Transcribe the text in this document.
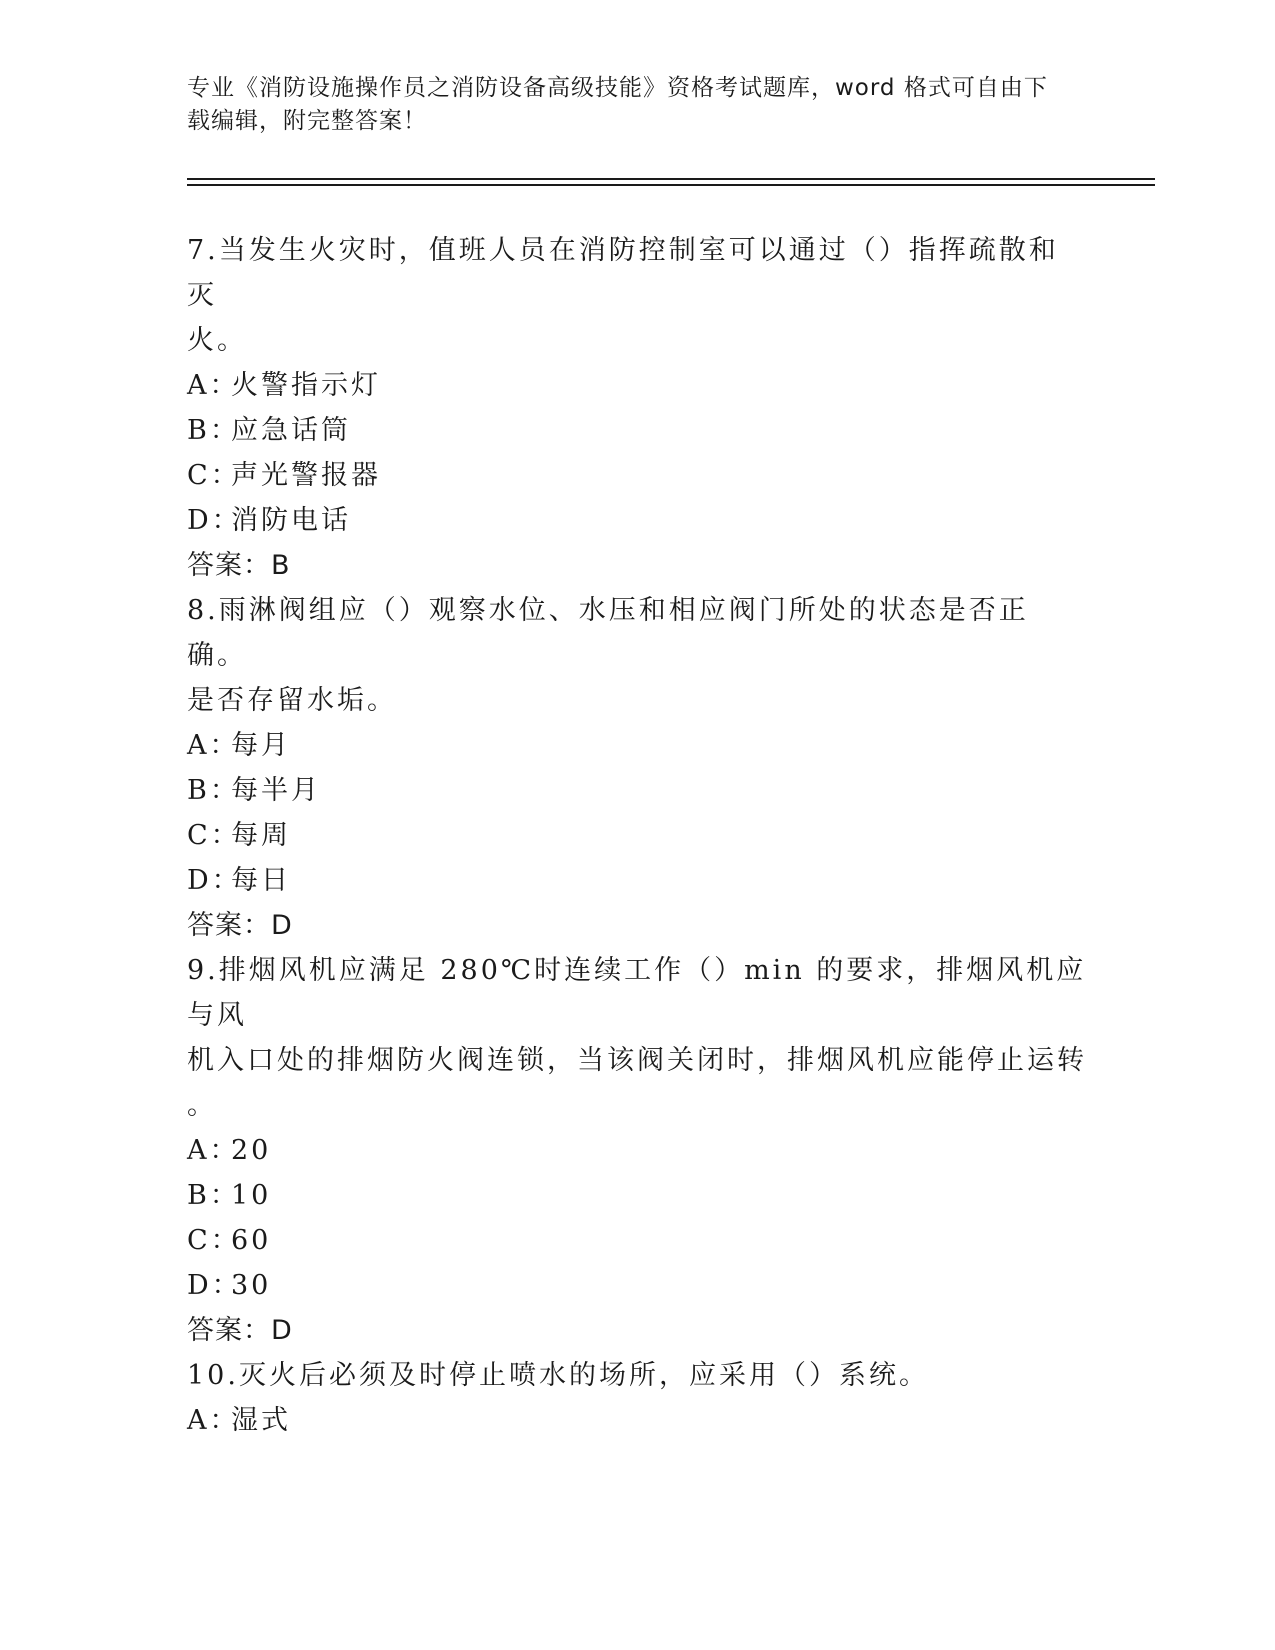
专业《消防设施操作员之消防设备高级技能》资格考试题库，word 格式可自由下
载编辑，附完整答案！
7.当发生火灾时，值班人员在消防控制室可以通过（）指挥疏散和灭
火。
A：火警指示灯
B：应急话筒
C：声光警报器
D：消防电话
答案：B
8.雨淋阀组应（）观察水位、水压和相应阀门所处的状态是否正确。
是否存留水垢。
A：每月
B：每半月
C：每周
D：每日
答案：D
9.排烟风机应满足 280℃时连续工作（）min 的要求，排烟风机应与风
机入口处的排烟防火阀连锁，当该阀关闭时，排烟风机应能停止运转
。
A：20
B：10
C：60
D：30
答案：D
10.灭火后必须及时停止喷水的场所，应采用（）系统。
A：湿式
